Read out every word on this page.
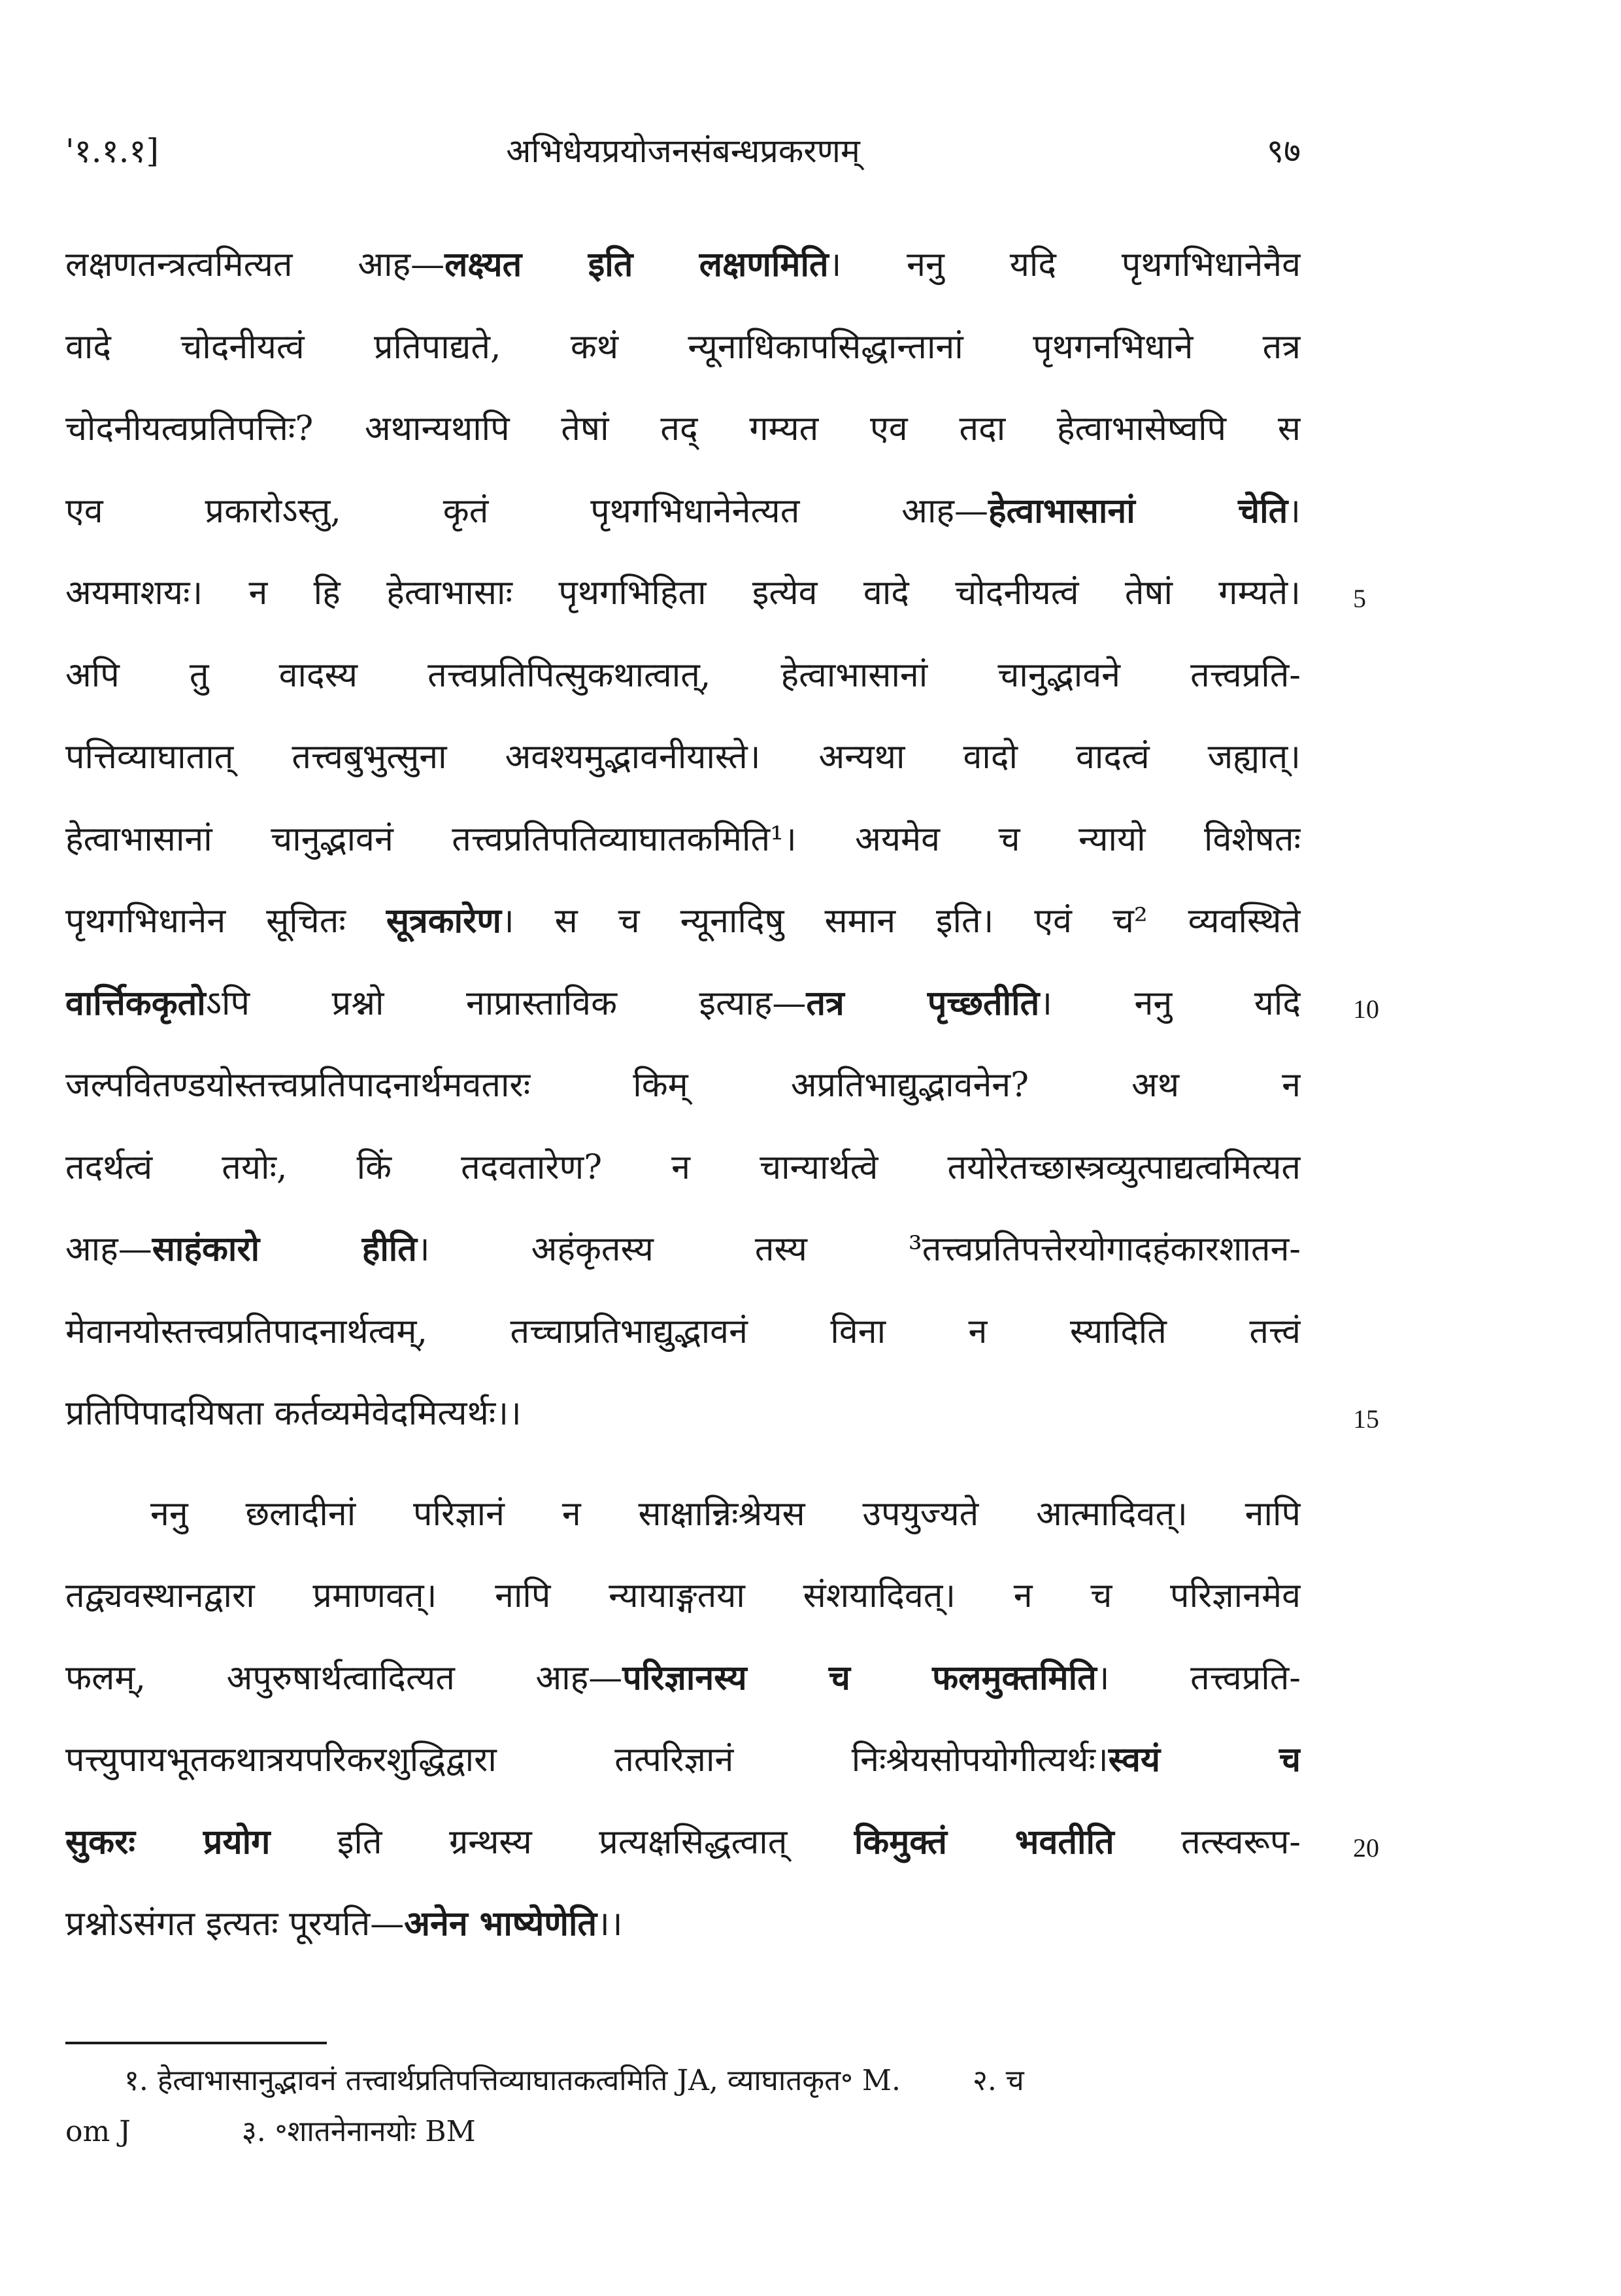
'१.१.१]	अभिधेयप्रयोजनसंबन्धप्रकरणम्	९७
लक्षणतन्त्रत्वमित्यत आह—लक्ष्यत इति लक्षणमिति। ननु यदि पृथगभिधानेनैव
वादे चोदनीयत्वं प्रतिपाद्यते, कथं न्यूनाधिकापसिद्धान्तानां पृथगनभिधाने तत्र
चोदनीयत्वप्रतिपत्तिः? अथान्यथापि तेषां तद् गम्यत एव तदा हेत्वाभासेष्वपि स
एव प्रकारोऽस्तु, कृतं पृथगभिधानेनेत्यत आह—हेत्वाभासानां चेति।
अयमाशयः। न हि हेत्वाभासाः पृथगभिहिता इत्येव वादे चोदनीयत्वं तेषां गम्यते।
अपि तु वादस्य तत्त्वप्रतिपित्सुकथात्वात्, हेत्वाभासानां चानुद्भावने तत्त्वप्रति-
पत्तिव्याघातात् तत्त्वबुभुत्सुना अवश्यमुद्भावनीयास्ते। अन्यथा वादो वादत्वं जह्यात्।
हेत्वाभासानां चानुद्भावनं तत्त्वप्रतिपतिव्याघातकमिति¹। अयमेव च न्यायो विशेषतः
पृथगभिधानेन सूचितः सूत्रकारेण। स च न्यूनादिषु समान इति। एवं च² व्यवस्थिते
वार्त्तिककृतोऽपि प्रश्नो नाप्रास्ताविक इत्याह—तत्र पृच्छतीति। ननु यदि
जल्पवितण्डयोस्तत्त्वप्रतिपादनार्थमवतारः किम् अप्रतिभाद्युद्भावनेन? अथ न
तदर्थत्वं तयोः, किं तदवतारेण? न चान्यार्थत्वे तयोरेतच्छास्त्रव्युत्पाद्यत्वमित्यत
आह—साहंकारो हीति। अहंकृतस्य तस्य ³तत्त्वप्रतिपत्तेरयोगादहंकारशातन-
मेवानयोस्तत्त्वप्रतिपादनार्थत्वम्, तच्चाप्रतिभाद्युद्भावनं विना न स्यादिति तत्त्वं
प्रतिपिपादयिषता कर्तव्यमेवेदमित्यर्थः।।
ननु छलादीनां परिज्ञानं न साक्षान्निःश्रेयस उपयुज्यते आत्मादिवत्। नापि
तद्व्यवस्थानद्वारा प्रमाणवत्। नापि न्यायाङ्गतया संशयादिवत्। न च परिज्ञानमेव
फलम्, अपुरुषार्थत्वादित्यत आह—परिज्ञानस्य च फलमुक्तमिति। तत्त्वप्रति-
पत्त्युपायभूतकथात्रयपरिकरशुद्धिद्वारा तत्परिज्ञानं निःश्रेयसोपयोगीत्यर्थः।स्वयं च
सुकरः प्रयोग इति ग्रन्थस्य प्रत्यक्षसिद्धत्वात् किमुक्तं भवतीति तत्स्वरूप-
प्रश्नोऽसंगत इत्यतः पूरयति—अनेन भाष्येणेति।।
१. हेत्वाभासानुद्भावनं तत्त्वार्थप्रतिपत्तिव्याघातकत्वमिति JA, व्याघातकृत॰ M.	२. च
om J	३. ॰शातनेनानयोः BM
5
10
15
20
